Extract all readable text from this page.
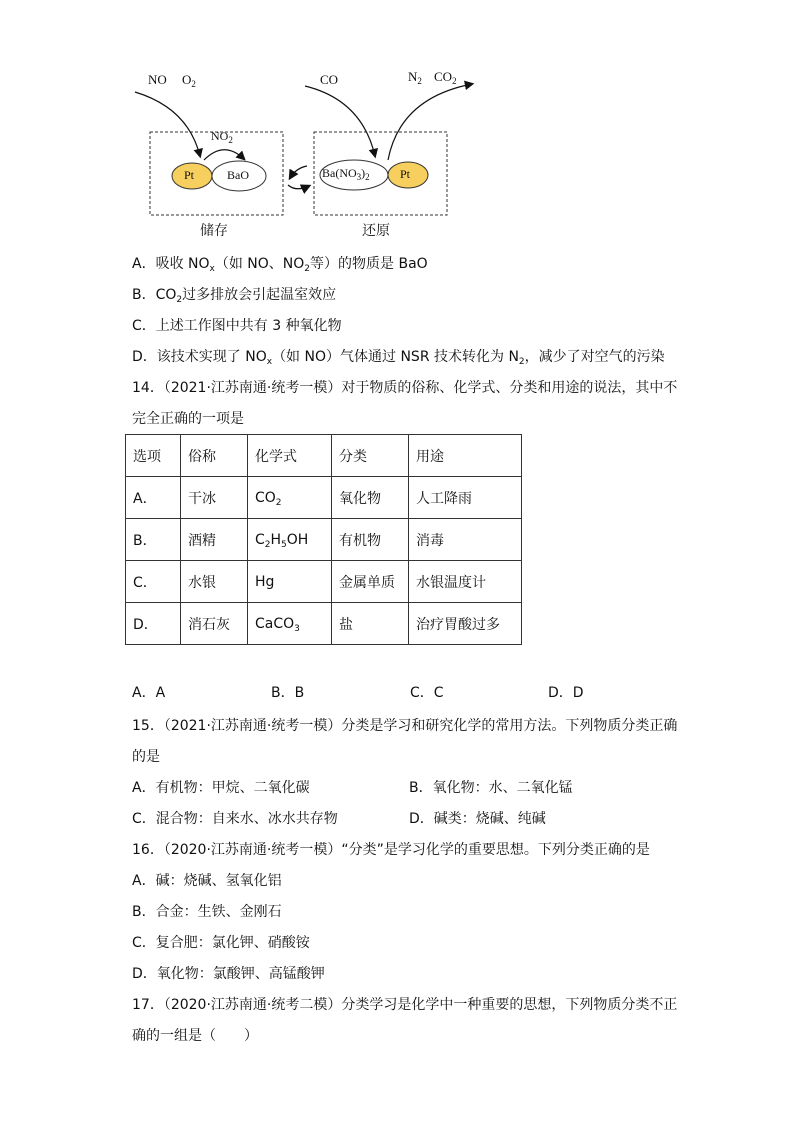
NO $O_2$
$NO_2$
Pt	BaO
储存
CO	$N_2$ $CO_2$
$Ba(NO_3)_2$	Pt
还原
A．吸收 $NO_x$（如 NO、$NO_2$等）的物质是 BaO
B．$CO_2$过多排放会引起温室效应
C．上述工作图中共有 3 种氧化物
D．该技术实现了 $NO_x$（如 NO）气体通过 NSR 技术转化为 $N_2$，减少了对空气的污染
14．（2021·江苏南通·统考一模）对于物质的俗称、化学式、分类和用途的说法，其中不
完全正确的一项是
选项	俗称	化学式	分类	用途
A．	干冰	$CO_2$	氧化物	人工降雨
B．	酒精	$C_2H_5OH$	有机物	消毒
C．	水银	Hg	金属单质	水银温度计
D．	消石灰	CaCO$_3$	盐	治疗胃酸过多
A．A	B．B	C．C	D．D
15．（2021·江苏南通·统考一模）分类是学习和研究化学的常用方法。下列物质分类正确
的是
A．有机物：甲烷、二氧化碳	B．氧化物：水、二氧化锰
C．混合物：自来水、冰水共存物	D．碱类：烧碱、纯碱
16．（2020·江苏南通·统考一模）“分类”是学习化学的重要思想。下列分类正确的是
A．碱：烧碱、氢氧化铝
B．合金：生铁、金刚石
C．复合肥：氯化钾、硝酸铵
D．氧化物：氯酸钾、高锰酸钾
17．（2020·江苏南通·统考二模）分类学习是化学中一种重要的思想，下列物质分类不正
确的一组是（　　）
